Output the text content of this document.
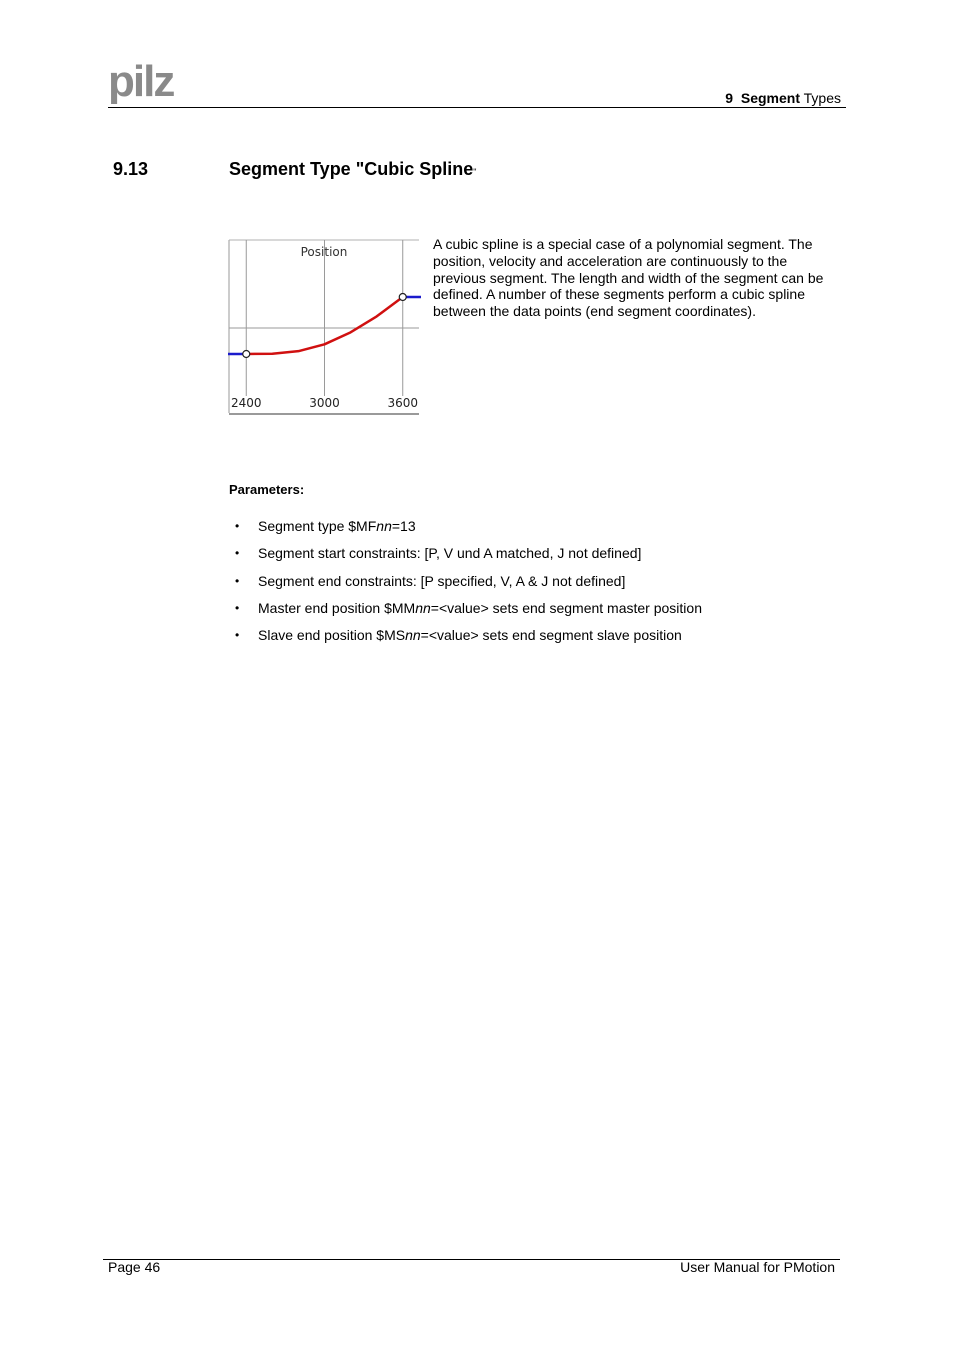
pilz	9 Segment Types
9.13	Segment Type "Cubic Spline"
Position
2400	3000	3600
A cubic spline is a special case of a polynomial segment. The position, velocity and acceleration are continuously to the previous segment. The length and width of the segment can be defined. A number of these segments perform a cubic spline between the data points (end segment coordinates).
Parameters:
• Segment type $MFnn=13
• Segment start constraints: [P, V und A matched, J not defined]
• Segment end constraints: [P specified, V, A & J not defined]
• Master end position $MMnn=<value> sets end segment master position
• Slave end position $MSnn=<value> sets end segment slave position
Page 46	User Manual for PMotion
